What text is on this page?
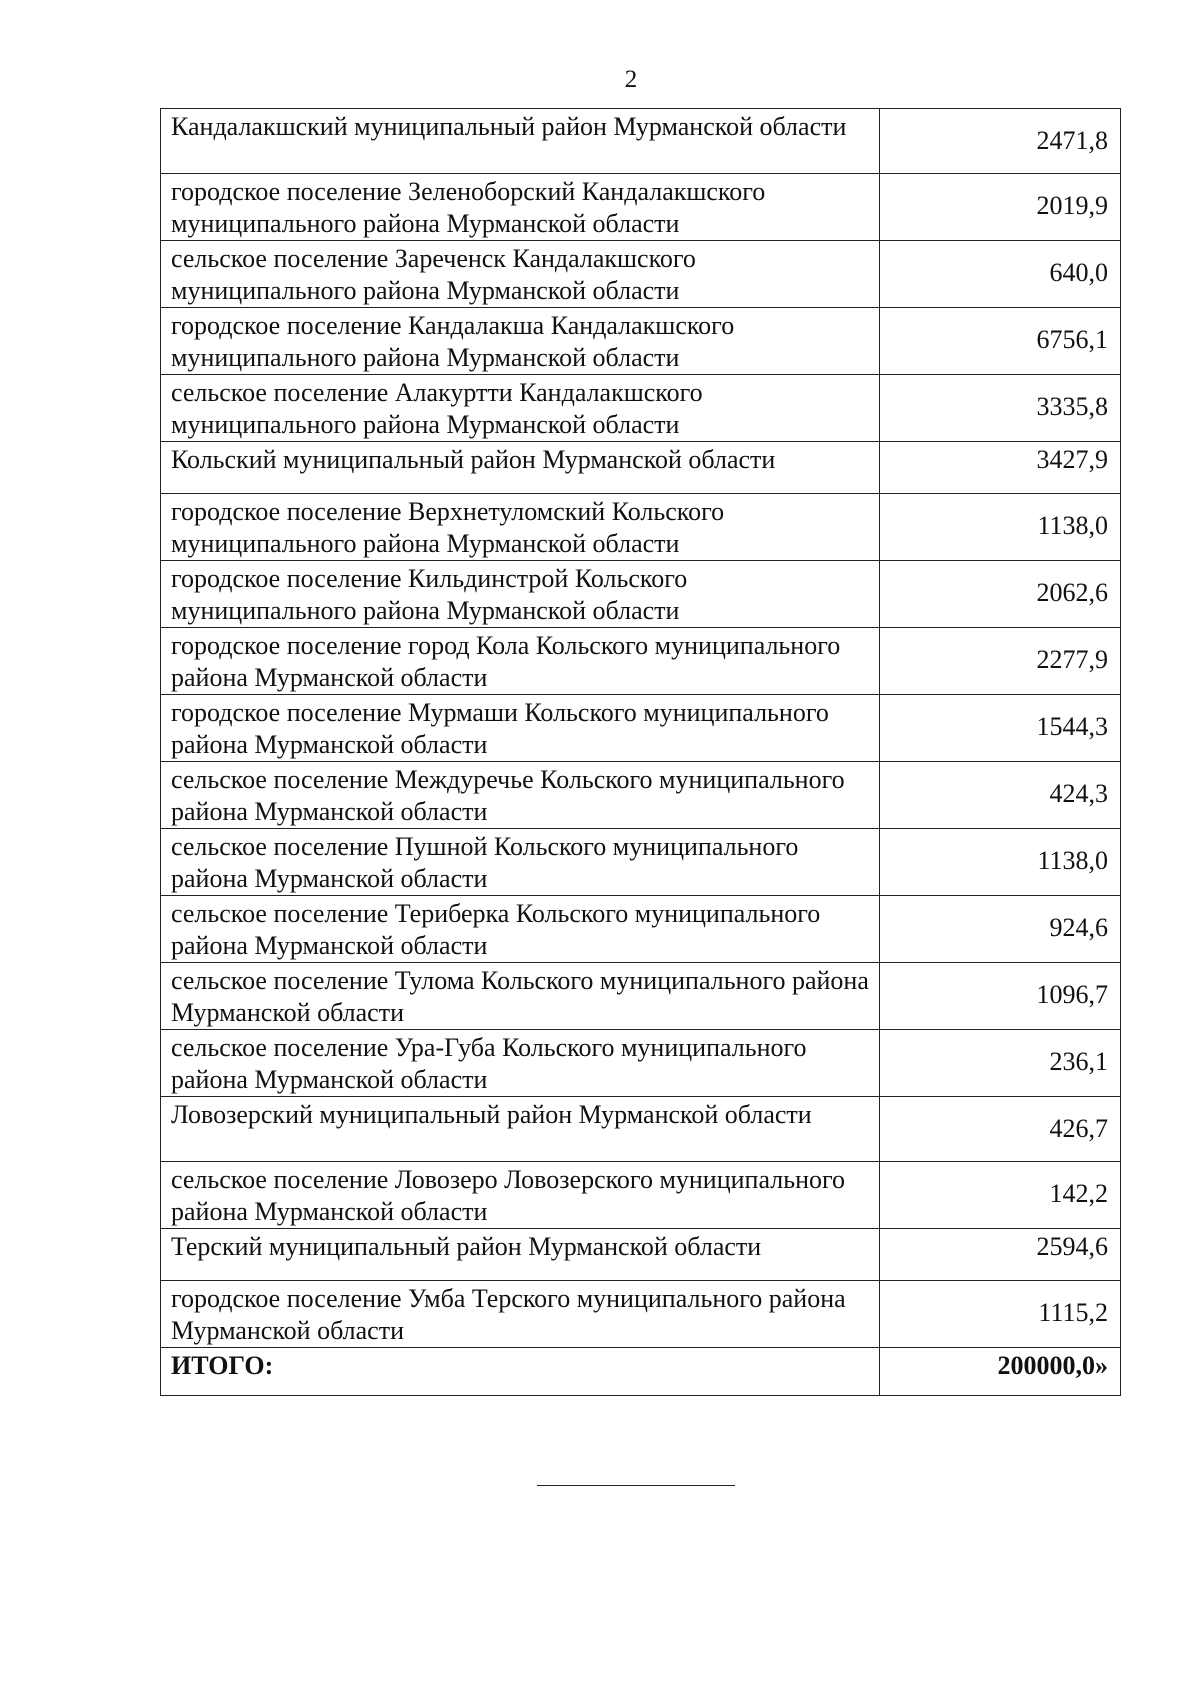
2
Кандалакшский муниципальный район Мурманской области	2471,8
городское поселение Зеленоборский Кандалакшского муниципального района Мурманской области	2019,9
сельское поселение Зареченск Кандалакшского муниципального района Мурманской области	640,0
городское поселение Кандалакша Кандалакшского муниципального района Мурманской области	6756,1
сельское поселение Алакуртти Кандалакшского муниципального района Мурманской области	3335,8
Кольский муниципальный район Мурманской области	3427,9
городское поселение Верхнетуломский Кольского муниципального района Мурманской области	1138,0
городское поселение Кильдинстрой Кольского муниципального района Мурманской области	2062,6
городское поселение город Кола Кольского муниципального района Мурманской области	2277,9
городское поселение Мурмаши Кольского муниципального района Мурманской области	1544,3
сельское поселение Междуречье Кольского муниципального района Мурманской области	424,3
сельское поселение Пушной Кольского муниципального района Мурманской области	1138,0
сельское поселение Териберка Кольского муниципального района Мурманской области	924,6
сельское поселение Тулома Кольского муниципального района Мурманской области	1096,7
сельское поселение Ура-Губа Кольского муниципального района Мурманской области	236,1
Ловозерский муниципальный район Мурманской области	426,7
сельское поселение Ловозеро Ловозерского муниципального района Мурманской области	142,2
Терский муниципальный район Мурманской области	2594,6
городское поселение Умба Терского муниципального района Мурманской области	1115,2
ИТОГО:	200000,0»
